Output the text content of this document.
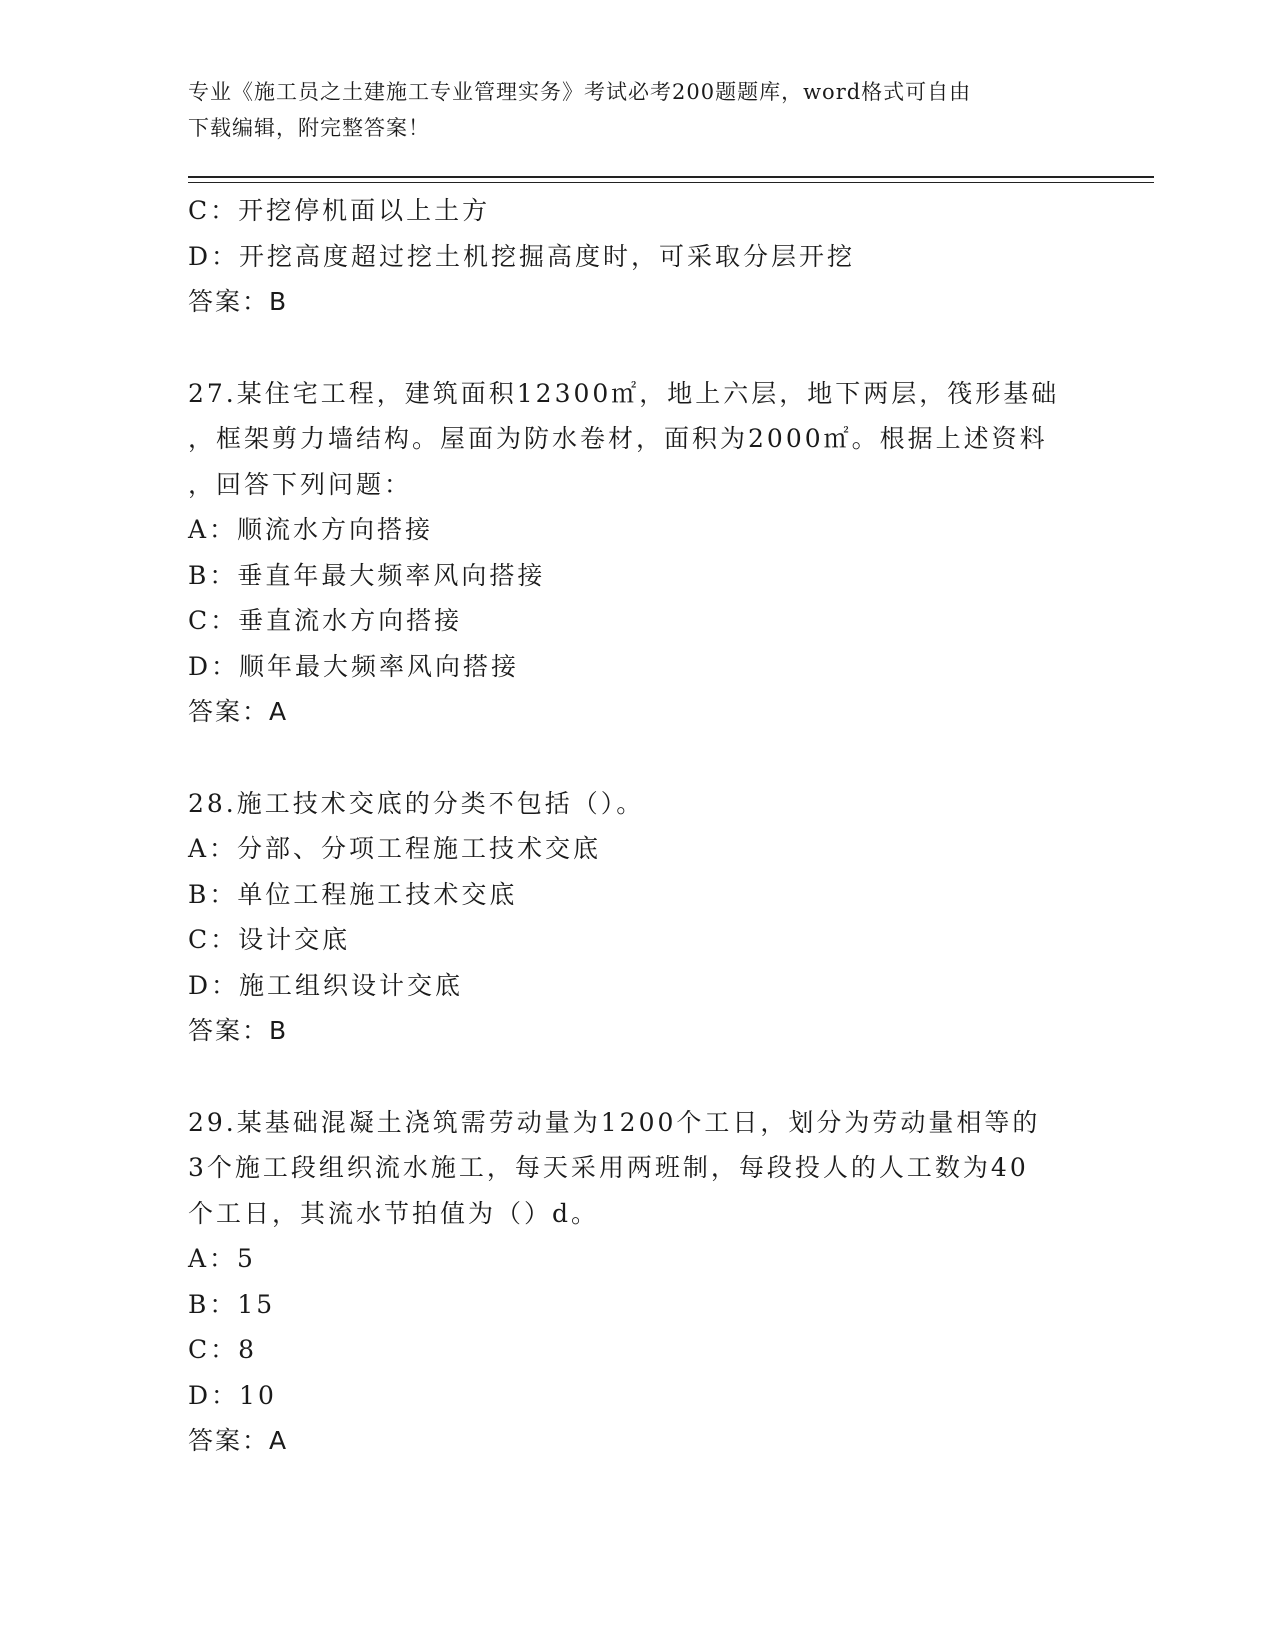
专业《施工员之土建施工专业管理实务》考试必考200题题库，word格式可自由
下载编辑，附完整答案！
C：开挖停机面以上土方
D：开挖高度超过挖土机挖掘高度时，可采取分层开挖
答案：B
27.某住宅工程，建筑面积12300㎡，地上六层，地下两层，筏形基础
，框架剪力墙结构。屋面为防水卷材，面积为2000㎡。根据上述资料
，回答下列问题：
A：顺流水方向搭接
B：垂直年最大频率风向搭接
C：垂直流水方向搭接
D：顺年最大频率风向搭接
答案：A
28.施工技术交底的分类不包括（）。
A：分部、分项工程施工技术交底
B：单位工程施工技术交底
C：设计交底
D：施工组织设计交底
答案：B
29.某基础混凝土浇筑需劳动量为1200个工日，划分为劳动量相等的
3个施工段组织流水施工，每天采用两班制，每段投人的人工数为40
个工日，其流水节拍值为（）d。
A：5
B：15
C：8
D：10
答案：A
